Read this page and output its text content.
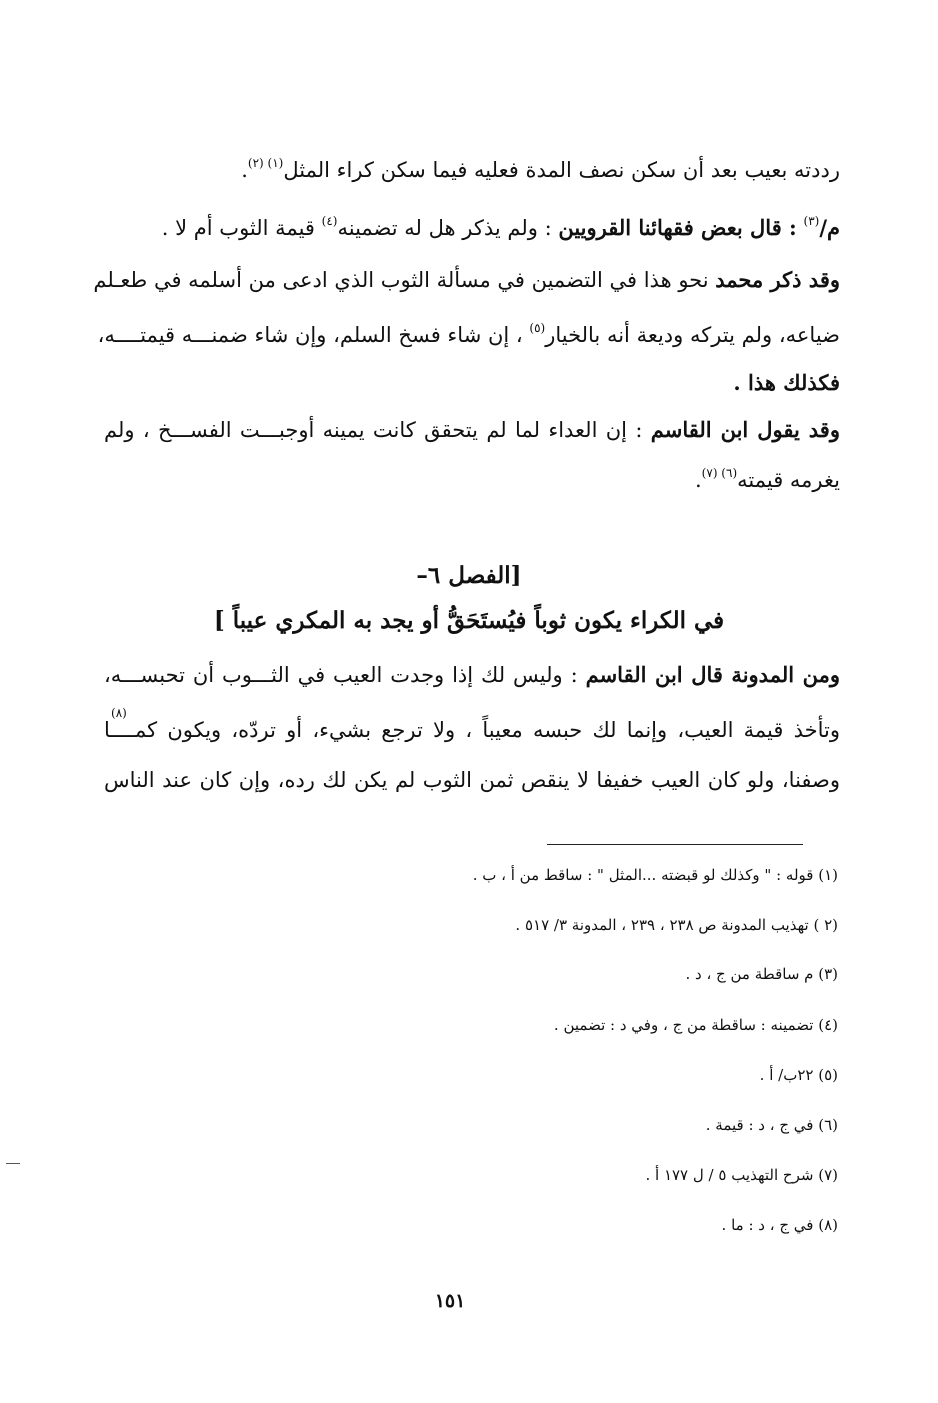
رددته بعيب بعد أن سكن نصف المدة فعليه فيما سكن كراء المثل$^{(١) (٢)}$.
م/$^{(٣)}$ : قال بعض فقهائنا القرويين : ولم يذكر هل له تضمينه$^{(٤)}$ قيمة الثوب أم لا .
وقد ذكر محمد نحو هذا في التضمين في مسألة الثوب الذي ادعى من أسلمه في طعـلم
ضياعه، ولم يتركه وديعة أنه بالخيار$^{(٥)}$ ، إن شاء فسخ السلم، وإن شاء ضمنـــه قيمتــــه،
فكذلك هذا .
وقد يقول ابن القاسم : إن العداء لما لم يتحقق كانت يمينه أوجبـــت الفســـخ ، ولم
يغرمه قيمته$^{(٦) (٧)}$.
[الفصل ٦–
في الكراء يكون ثوباً فيُستَحَقُّ أو يجد به المكري عيباً ]
ومن المدونة قال ابن القاسم : وليس لك إذا وجدت العيب في الثـــوب أن تحبســـه،
وتأخذ قيمة العيب، وإنما لك حبسه معيباً ، ولا ترجع بشيء، أو تردّه، ويكون كمــــا
(٨)
وصفنا، ولو كان العيب خفيفا لا ينقص ثمن الثوب لم يكن لك رده، وإن كان عند الناس
(١) قوله : " وكذلك لو قبضته ...المثل " : ساقط من أ ، ب .
(٢ ) تهذيب المدونة ص ٢٣٨ ، ٢٣٩ ، المدونة ٣/ ٥١٧ .
(٣) م ساقطة من ج ، د .
(٤) تضمينه : ساقطة من ج ، وفي د : تضمين .
(٥) ٢٢ب/ أ .
(٦) في ج ، د : قيمة .
(٧) شرح التهذيب ٥ / ل ١٧٧ أ .
(٨) في ج ، د : ما .
١٥١
